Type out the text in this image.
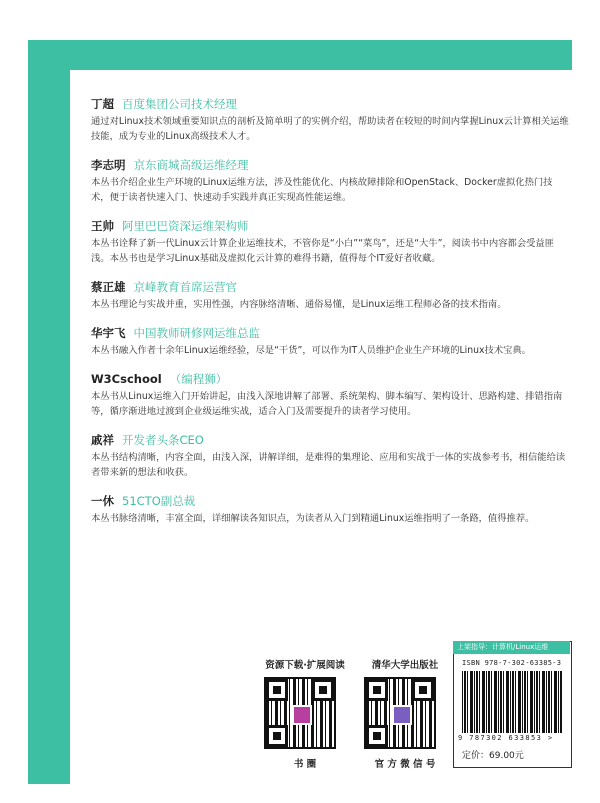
丁超 百度集团公司技术经理
通过对Linux技术领域重要知识点的剖析及简单明了的实例介绍，帮助读者在较短的时间内掌握Linux云计算相关运维技能，成为专业的Linux高级技术人才。
李志明 京东商城高级运维经理
本丛书介绍企业生产环境的Linux运维方法，涉及性能优化、内核故障排除和OpenStack、Docker虚拟化热门技术，便于读者快速入门、快速动手实践并真正实现高性能运维。
王帅 阿里巴巴资深运维架构师
本丛书诠释了新一代Linux云计算企业运维技术，不管你是“小白”“菜鸟”，还是“大牛”，阅读书中内容都会受益匪浅。本丛书也是学习Linux基础及虚拟化云计算的难得书籍，值得每个IT爱好者收藏。
蔡正雄 京峰教育首席运营官
本丛书理论与实战并重，实用性强，内容脉络清晰、通俗易懂，是Linux运维工程师必备的技术指南。
华宇飞 中国教师研修网运维总监
本丛书融入作者十余年Linux运维经验，尽是“干货”，可以作为IT人员维护企业生产环境的Linux技术宝典。
W3Cschool （编程狮）
本丛书从Linux运维入门开始讲起，由浅入深地讲解了部署、系统架构、脚本编写、架构设计、思路构建、排错指南等，循序渐进地过渡到企业级运维实战，适合入门及需要提升的读者学习使用。
戚祥 开发者头条CEO
本丛书结构清晰，内容全面，由浅入深，讲解详细，是难得的集理论、应用和实战于一体的实战参考书，相信能给读者带来新的想法和收获。
一休 51CTO副总裁
本丛书脉络清晰，丰富全面，详细解读各知识点，为读者从入门到精通Linux运维指明了一条路，值得推荐。
资源下载·扩展阅读
书 圈
清华大学出版社
官 方 微 信 号
上架指导：计算机/Linux运维
ISBN 978-7-302-63385-3
9 787302 633853 >
定价：69.00元
